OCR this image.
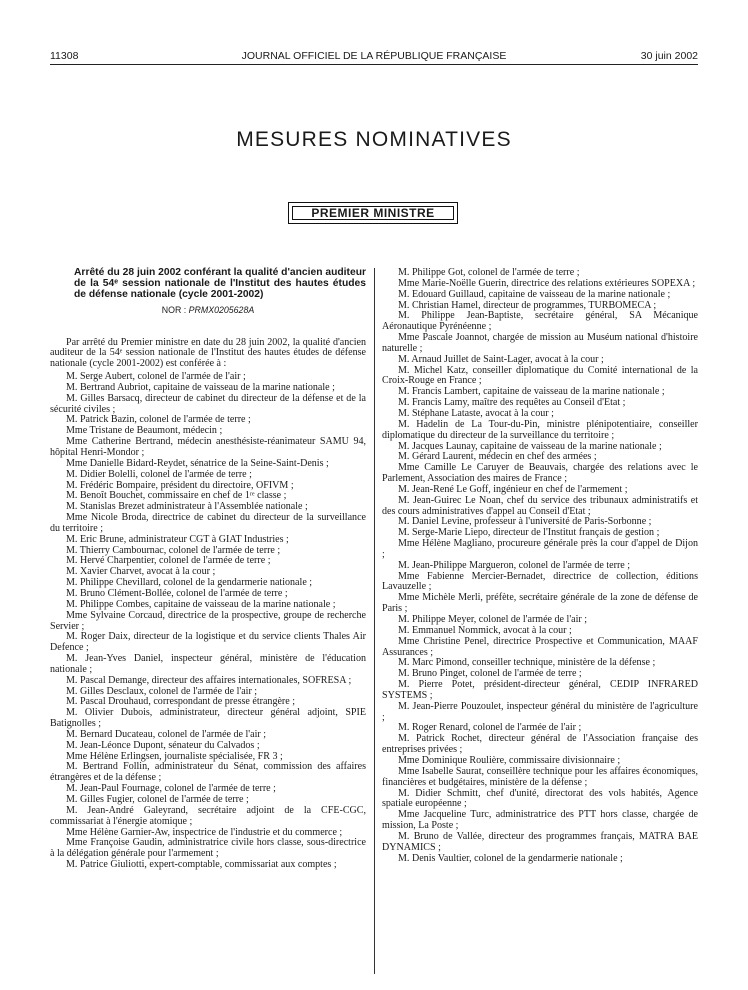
11308	JOURNAL OFFICIEL DE LA RÉPUBLIQUE FRANÇAISE	30 juin 2002
MESURES NOMINATIVES
PREMIER MINISTRE

Arrêté du 28 juin 2002 conférant la qualité d'ancien auditeur de la 54ᵉ session nationale de l'Institut des hautes études de défense nationale (cycle 2001-2002)

NOR : PRMX0205628A

Par arrêté du Premier ministre en date du 28 juin 2002, la qualité d'ancien auditeur de la 54ᵉ session nationale de l'Institut des hautes études de défense nationale (cycle 2001-2002) est conférée à :

M. Serge Aubert, colonel de l'armée de l'air ;

M. Bertrand Aubriot, capitaine de vaisseau de la marine nationale ;

M. Gilles Barsacq, directeur de cabinet du directeur de la défense et de la sécurité civiles ;

M. Patrick Bazin, colonel de l'armée de terre ;

Mme Tristane de Beaumont, médecin ;

Mme Catherine Bertrand, médecin anesthésiste-réanimateur SAMU 94, hôpital Henri-Mondor ;

Mme Danielle Bidard-Reydet, sénatrice de la Seine-Saint-Denis ;

M. Didier Bolelli, colonel de l'armée de terre ;

M. Frédéric Bompaire, président du directoire, OFIVM ;

M. Benoît Bouchet, commissaire en chef de 1ʳᵉ classe ;

M. Stanislas Brezet administrateur à l'Assemblée nationale ;

Mme Nicole Broda, directrice de cabinet du directeur de la surveillance du territoire ;

M. Eric Brune, administrateur CGT à GIAT Industries ;

M. Thierry Cambournac, colonel de l'armée de terre ;

M. Hervé Charpentier, colonel de l'armée de terre ;

M. Xavier Charvet, avocat à la cour ;

M. Philippe Chevillard, colonel de la gendarmerie nationale ;

M. Bruno Clément-Bollée, colonel de l'armée de terre ;

M. Philippe Combes, capitaine de vaisseau de la marine nationale ;

Mme Sylvaine Corcaud, directrice de la prospective, groupe de recherche Servier ;

M. Roger Daix, directeur de la logistique et du service clients Thales Air Defence ;

M. Jean-Yves Daniel, inspecteur général, ministère de l'éducation nationale ;

M. Pascal Demange, directeur des affaires internationales, SOFRESA ;

M. Gilles Desclaux, colonel de l'armée de l'air ;

M. Pascal Drouhaud, correspondant de presse étrangère ;

M. Olivier Dubois, administrateur, directeur général adjoint, SPIE Batignolles ;

M. Bernard Ducateau, colonel de l'armée de l'air ;

M. Jean-Léonce Dupont, sénateur du Calvados ;

Mme Hélène Erlingsen, journaliste spécialisée, FR 3 ;

M. Bertrand Follin, administrateur du Sénat, commission des affaires étrangères et de la défense ;

M. Jean-Paul Fournage, colonel de l'armée de terre ;

M. Gilles Fugier, colonel de l'armée de terre ;

M. Jean-André Galeyrand, secrétaire adjoint de la CFE-CGC, commissariat à l'énergie atomique ;

Mme Hélène Garnier-Aw, inspectrice de l'industrie et du commerce ;

Mme Françoise Gaudin, administratrice civile hors classe, sous-directrice à la délégation générale pour l'armement ;

M. Patrice Giuliotti, expert-comptable, commissariat aux comptes ;

M. Philippe Got, colonel de l'armée de terre ;

Mme Marie-Noëlle Guerin, directrice des relations extérieures SOPEXA ;

M. Edouard Guillaud, capitaine de vaisseau de la marine nationale ;

M. Christian Hamel, directeur de programmes, TURBOMECA ;

M. Philippe Jean-Baptiste, secrétaire général, SA Mécanique Aéronautique Pyrénéenne ;

Mme Pascale Joannot, chargée de mission au Muséum national d'histoire naturelle ;

M. Arnaud Juillet de Saint-Lager, avocat à la cour ;

M. Michel Katz, conseiller diplomatique du Comité international de la Croix-Rouge en France ;

M. Francis Lambert, capitaine de vaisseau de la marine nationale ;

M. Francis Lamy, maître des requêtes au Conseil d'Etat ;

M. Stéphane Lataste, avocat à la cour ;

M. Hadelin de La Tour-du-Pin, ministre plénipotentiaire, conseiller diplomatique du directeur de la surveillance du territoire ;

M. Jacques Launay, capitaine de vaisseau de la marine nationale ;

M. Gérard Laurent, médecin en chef des armées ;

Mme Camille Le Caruyer de Beauvais, chargée des relations avec le Parlement, Association des maires de France ;

M. Jean-René Le Goff, ingénieur en chef de l'armement ;

M. Jean-Guirec Le Noan, chef du service des tribunaux administratifs et des cours administratives d'appel au Conseil d'Etat ;

M. Daniel Levine, professeur à l'université de Paris-Sorbonne ;

M. Serge-Marie Liepo, directeur de l'Institut français de gestion ;

Mme Hélène Magliano, procureure générale près la cour d'appel de Dijon ;

M. Jean-Philippe Margueron, colonel de l'armée de terre ;

Mme Fabienne Mercier-Bernadet, directrice de collection, éditions Lavauzelle ;

Mme Michèle Merli, préfète, secrétaire générale de la zone de défense de Paris ;

M. Philippe Meyer, colonel de l'armée de l'air ;

M. Emmanuel Nommick, avocat à la cour ;

Mme Christine Penel, directrice Prospective et Communication, MAAF Assurances ;

M. Marc Pimond, conseiller technique, ministère de la défense ;

M. Bruno Pinget, colonel de l'armée de terre ;

M. Pierre Potet, président-directeur général, CEDIP INFRARED SYSTEMS ;

M. Jean-Pierre Pouzoulet, inspecteur général du ministère de l'agriculture ;

M. Roger Renard, colonel de l'armée de l'air ;

M. Patrick Rochet, directeur général de l'Association française des entreprises privées ;

Mme Dominique Roulière, commissaire divisionnaire ;

Mme Isabelle Saurat, conseillère technique pour les affaires économiques, financières et budgétaires, ministère de la défense ;

M. Didier Schmitt, chef d'unité, directorat des vols habités, Agence spatiale européenne ;

Mme Jacqueline Turc, administratrice des PTT hors classe, chargée de mission, La Poste ;

M. Bruno de Vallée, directeur des programmes français, MATRA BAE DYNAMICS ;

M. Denis Vaultier, colonel de la gendarmerie nationale ;
